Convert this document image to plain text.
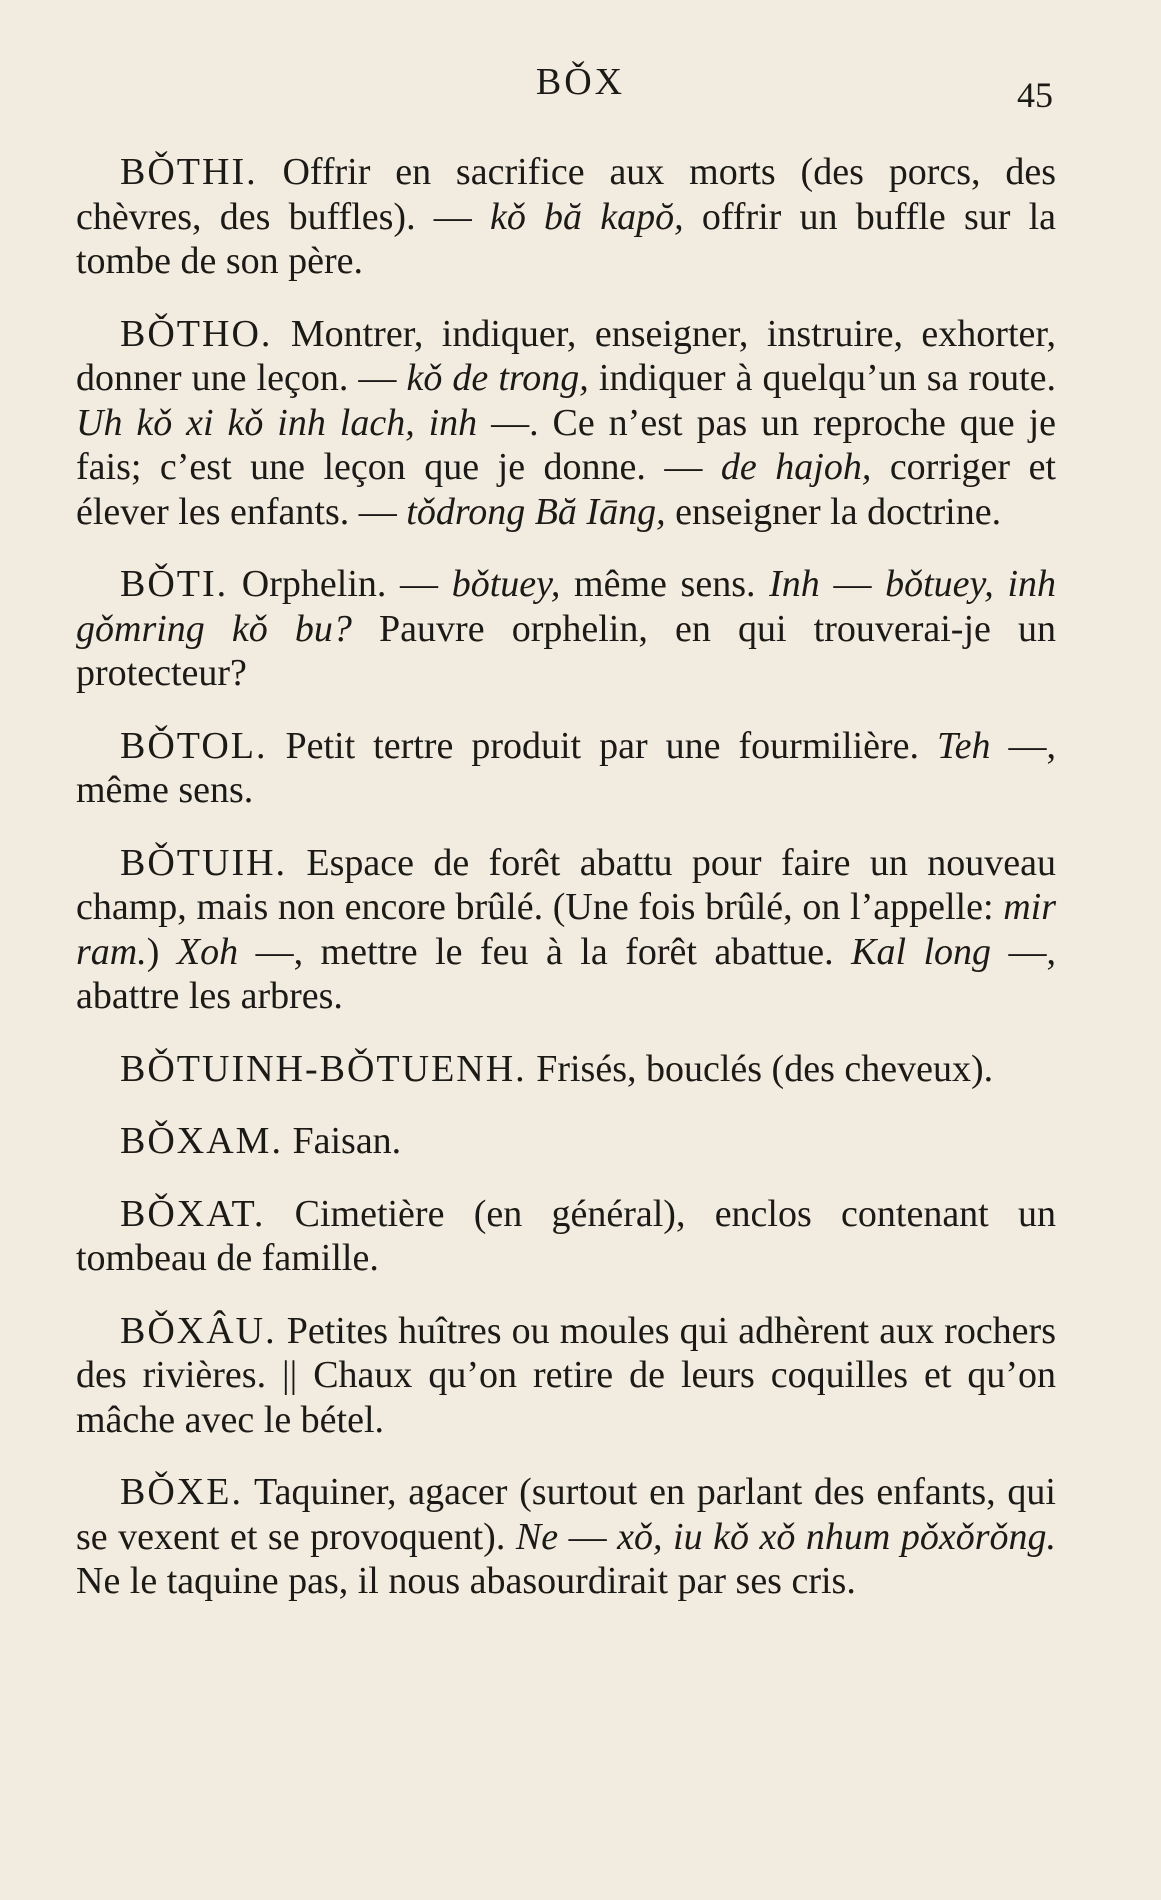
BǑX	45

BǑTHI. Offrir en sacrifice aux morts (des porcs, des chèvres, des buffles). — kǒ bă kapŏ, offrir un buffle sur la tombe de son père.

BǑTHO. Montrer, indiquer, enseigner, instruire, exhorter, donner une leçon. — kǒ de trong, indiquer à quelqu’un sa route. Uh kǒ xi kǒ inh lach, inh —. Ce n’est pas un reproche que je fais; c’est une leçon que je donne. — de hajoh, corriger et élever les enfants. — tǒdrong Bă Iāng, enseigner la doctrine.

BǑTI. Orphelin. — bǒtuey, même sens. Inh — bǒtuey, inh gǒmring kǒ bu? Pauvre orphelin, en qui trouverai-je un protecteur?

BǑTOL. Petit tertre produit par une fourmilière. Teh —, même sens.

BǑTUIH. Espace de forêt abattu pour faire un nouveau champ, mais non encore brûlé. (Une fois brûlé, on l’appelle: mir ram.) Xoh —, mettre le feu à la forêt abattue. Kal long —, abattre les arbres.

BǑTUINH-BǑTUENH. Frisés, bouclés (des cheveux).

BǑXAM. Faisan.

BǑXAT. Cimetière (en général), enclos contenant un tombeau de famille.

BǑXÂU. Petites huîtres ou moules qui adhèrent aux rochers des rivières. || Chaux qu’on retire de leurs coquilles et qu’on mâche avec le bétel.

BǑXE. Taquiner, agacer (surtout en parlant des enfants, qui se vexent et se provoquent). Ne — xǒ, iu kǒ xǒ nhum pǒxǒrǒng. Ne le taquine pas, il nous abasourdirait par ses cris.
